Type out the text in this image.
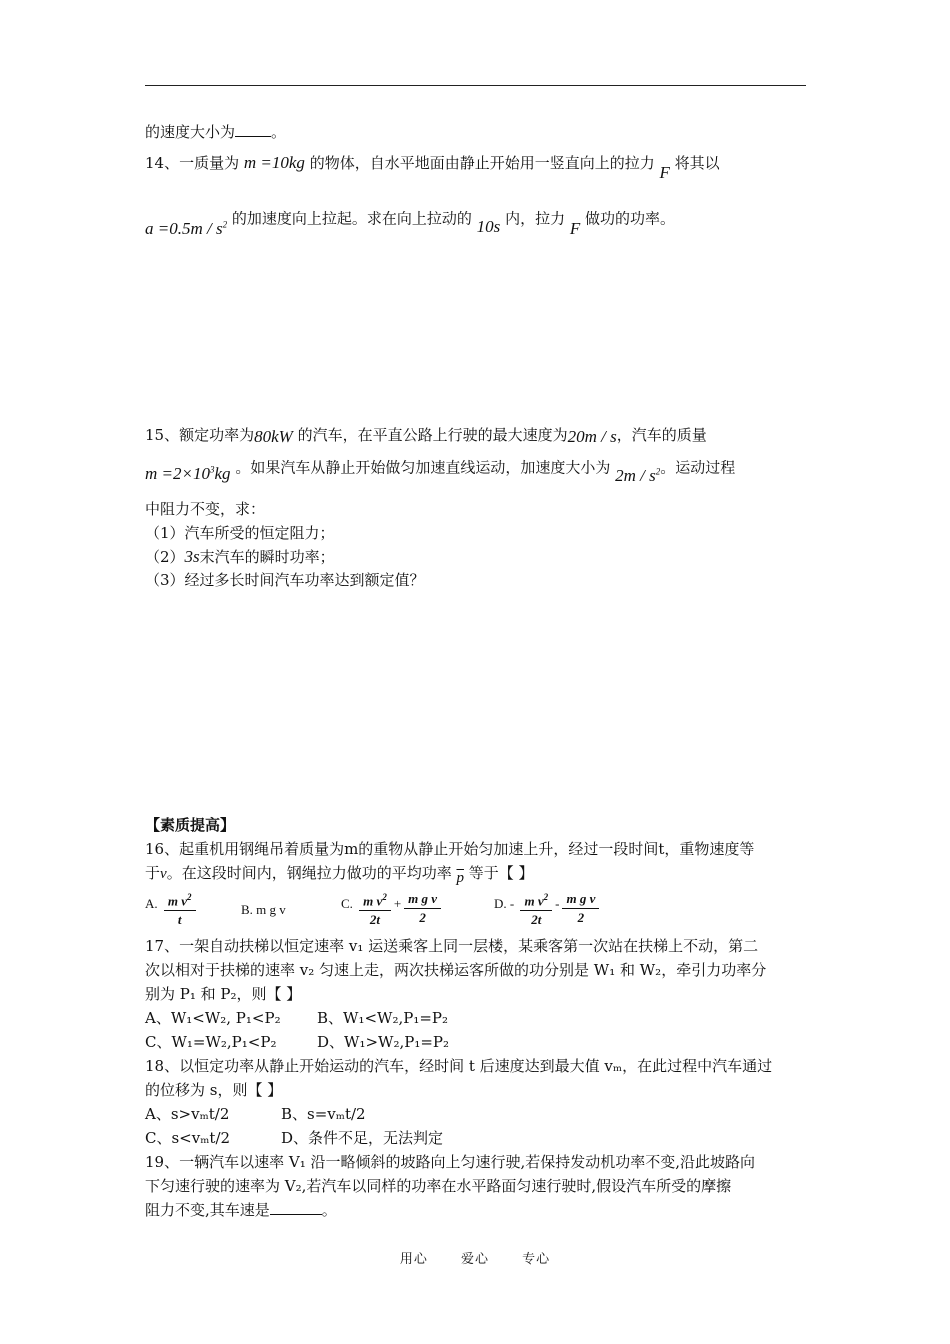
的速度大小为 。
14、一质量为 m =10kg 的物体，自水平地面由静止开始用一竖直向上的拉力 F 将其以
$a =0.5m / s^2$ 的加速度向上拉起。求在向上拉动的 10s 内，拉力 F 做功的功率。
15、额定功率为80kW 的汽车，在平直公路上行驶的最大速度为20m / s，汽车的质量
$m =2\times 10^3kg$ 。如果汽车从静止开始做匀加速直线运动，加速度大小为 $2m / s^2$。运动过程
中阻力不变，求：
（1）汽车所受的恒定阻力；
（2）3s末汽车的瞬时功率；
（3）经过多长时间汽车功率达到额定值？
【素质提高】
16、起重机用钢绳吊着质量为m的重物从静止开始匀加速上升，经过一段时间t，重物速度等
于v。在这段时间内，钢绳拉力做功的平均功率 $\overline{p}$ 等于【 】
A. $\frac{m v^2}{t}$	B. m g v	C. $\frac{m v^2}{2t} + \frac{\text{m g v}}{2}$	D. - $\frac{m v^2}{2t} - \frac{\text{m g v}}{2}$
17、一架自动扶梯以恒定速率 v₁ 运送乘客上同一层楼，某乘客第一次站在扶梯上不动，第二
次以相对于扶梯的速率 v₂ 匀速上走，两次扶梯运客所做的功分别是 W₁ 和 W₂，牵引力功率分
别为 P₁ 和 P₂，则【 】
A、W₁<W₂, P₁<P₂ B、W₁<W₂,P₁=P₂
C、W₁=W₂,P₁<P₂	D、W₁>W₂,P₁=P₂
18、以恒定功率从静止开始运动的汽车，经时间 t 后速度达到最大值 vₘ，在此过程中汽车通过
的位移为 s，则【 】
A、s>vₘt/2	B、s=vₘt/2
C、s<vₘt/2	D、条件不足，无法判定
19、一辆汽车以速率 V₁ 沿一略倾斜的坡路向上匀速行驶,若保持发动机功率不变,沿此坡路向
下匀速行驶的速率为 V₂,若汽车以同样的功率在水平路面匀速行驶时,假设汽车所受的摩擦
阻力不变,其车速是	。
用心	爱心	专心
